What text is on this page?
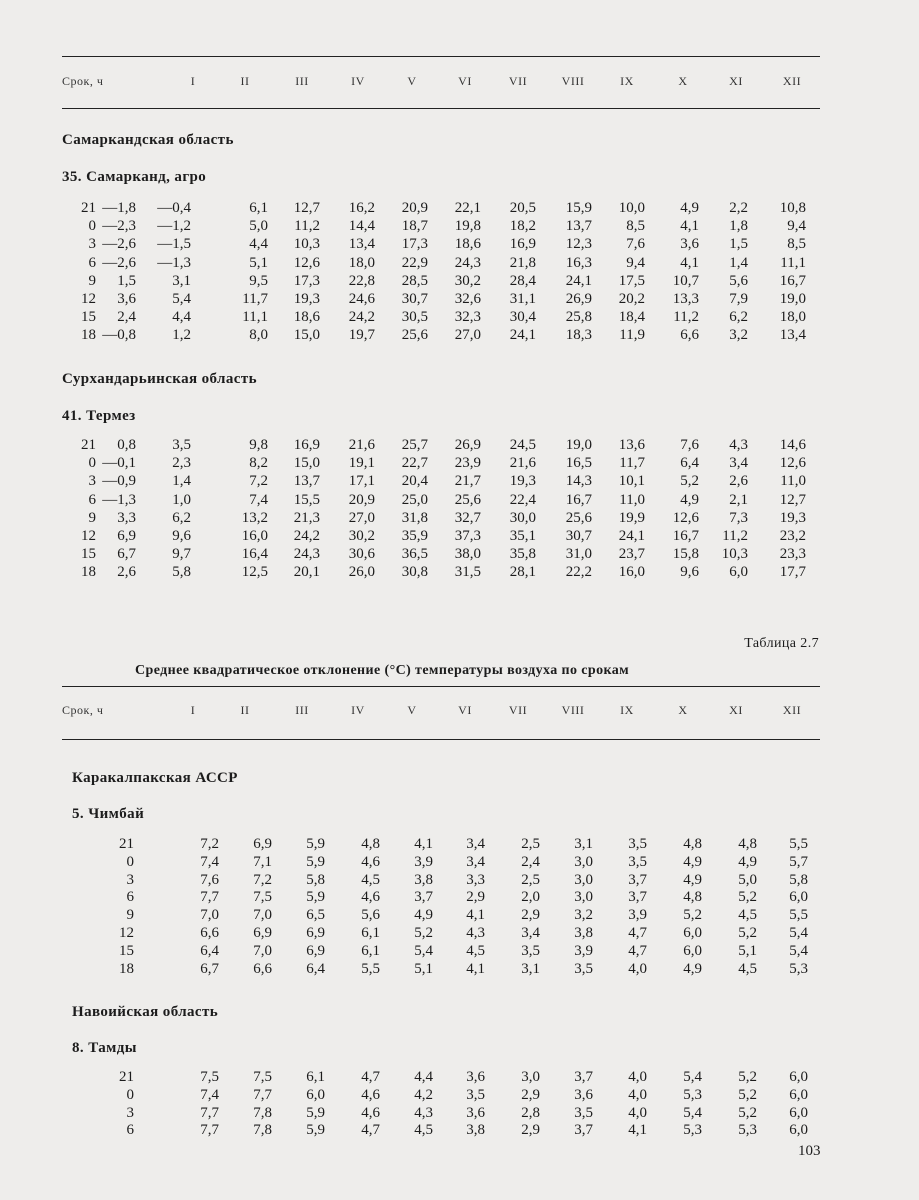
Срок, ч	I	II	III	IV	V	VI	VII	VIII	IX	X	XI	XII
Самаркандская область
35. Самарканд, агро
21 —1,8 —0,4	6,1 12,7 16,2 20,9 22,1 20,5 15,9 10,0 4,9 2,2 10,8
0 —2,3 —1,2	5,0 11,2 14,4 18,7 19,8 18,2 13,7 8,5 4,1 1,8	9,4
3 —2,6 —1,5	4,4 10,3 13,4 17,3 18,6 16,9 12,3 7,6 3,6 1,5	8,5
6 —2,6 —1,3	5,1 12,6 18,0 22,9 24,3 21,8 16,3 9,4 4,1 1,4 11,1
9 1,5 3,1	9,5 17,3 22,8 28,5 30,2 28,4 24,1 17,5 10,7 5,6 16,7
12 3,6 5,4	11,7 19,3 24,6 30,7 32,6 31,1 26,9 20,2 13,3 7,9 19,0
15 2,4 4,4	11,1 18,6 24,2 30,5 32,3 30,4 25,8 18,4 11,2 6,2 18,0
18 —0,8 1,2	8,0 15,0 19,7 25,6 27,0 24,1 18,3 11,9 6,6 3,2 13,4
Сурхандарьинская область
41. Термез
21 0,8 3,5	9,8 16,9 21,6 25,7 26,9 24,5 19,0 13,6 7,6 4,3 14,6
0 —0,1 2,3	8,2 15,0 19,1 22,7 23,9 21,6 16,5 11,7 6,4 3,4 12,6
3 —0,9 1,4	7,2 13,7 17,1 20,4 21,7 19,3 14,3 10,1 5,2 2,6 11,0
6 —1,3 1,0	7,4 15,5 20,9 25,0 25,6 22,4 16,7 11,0 4,9 2,1 12,7
9 3,3 6,2	13,2 21,3 27,0 31,8 32,7 30,0 25,6 19,9 12,6 7,3 19,3
12 6,9 9,6	16,0 24,2 30,2 35,9 37,3 35,1 30,7 24,1 16,7 11,2 23,2
15 6,7 9,7	16,4 24,3 30,6 36,5 38,0 35,8 31,0 23,7 15,8 10,3 23,3
18 2,6 5,8	12,5 20,1 26,0 30,8 31,5 28,1 22,2 16,0 9,6 6,0 17,7
Таблица 2.7
Среднее квадратическое отклонение (°C) температуры воздуха по срокам
Срок, ч	I	II	III	IV	V	VI	VII	VIII	IX	X	XI	XII
Каракалпакская АССР
5. Чимбай
21	7,2 6,9 5,9 4,8 4,1 3,4 2,5 3,1 3,5 4,8 4,8 5,5
0	7,4 7,1 5,9 4,6 3,9 3,4 2,4 3,0 3,5 4,9 4,9 5,7
3	7,6 7,2 5,8 4,5 3,8 3,3 2,5 3,0 3,7 4,9 5,0 5,8
6	7,7 7,5 5,9 4,6 3,7 2,9 2,0 3,0 3,7 4,8 5,2 6,0
9	7,0 7,0 6,5 5,6 4,9 4,1 2,9 3,2 3,9 5,2 4,5 5,5
12	6,6 6,9 6,9 6,1 5,2 4,3 3,4 3,8 4,7 6,0 5,2 5,4
15	6,4 7,0 6,9 6,1 5,4 4,5 3,5 3,9 4,7 6,0 5,1 5,4
18	6,7 6,6 6,4 5,5 5,1 4,1 3,1 3,5 4,0 4,9 4,5 5,3
Навоийская область
8. Тамды
21	7,5 7,5 6,1 4,7 4,4 3,6 3,0 3,7 4,0 5,4 5,2 6,0
0	7,4 7,7 6,0 4,6 4,2 3,5 2,9 3,6 4,0 5,3 5,2 6,0
3	7,7 7,8 5,9 4,6 4,3 3,6 2,8 3,5 4,0 5,4 5,2 6,0
6	7,7 7,8 5,9 4,7 4,5 3,8 2,9 3,7 4,1 5,3 5,3 6,0
103
